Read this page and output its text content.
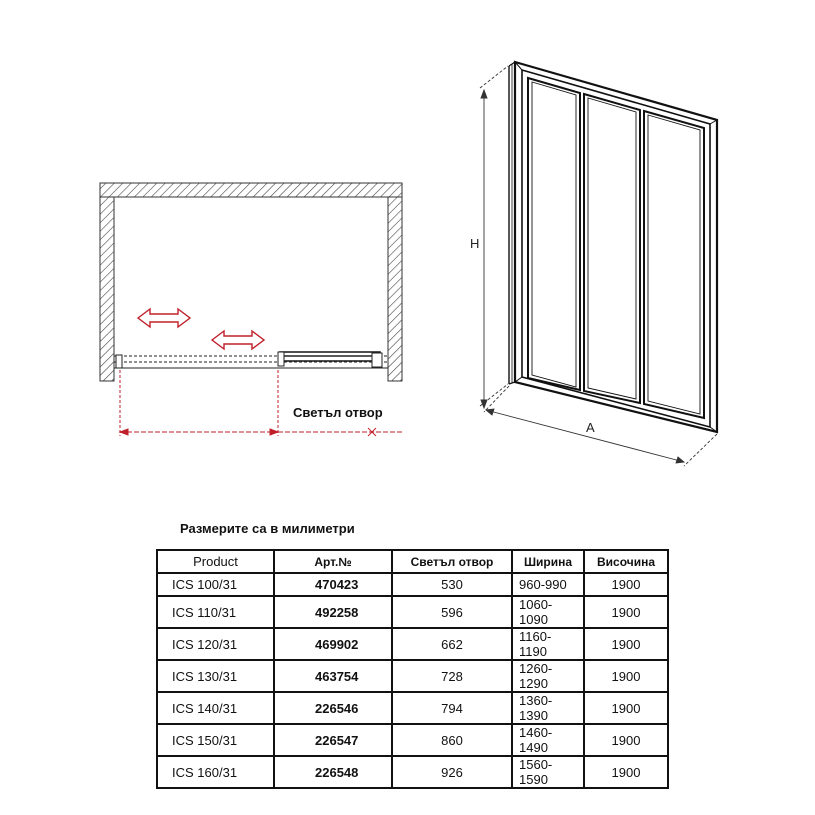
Светъл отвор
H
A
Размерите са в милиметри
Product	Арт.№	Светъл отвор	Ширина	Височина
ICS 100/31	470423	530	960-990	1900
ICS 110/31	492258	596	1060-1090	1900
ICS 120/31	469902	662	1160-1190	1900
ICS 130/31	463754	728	1260-1290	1900
ICS 140/31	226546	794	1360-1390	1900
ICS 150/31	226547	860	1460-1490	1900
ICS 160/31	226548	926	1560-1590	1900
